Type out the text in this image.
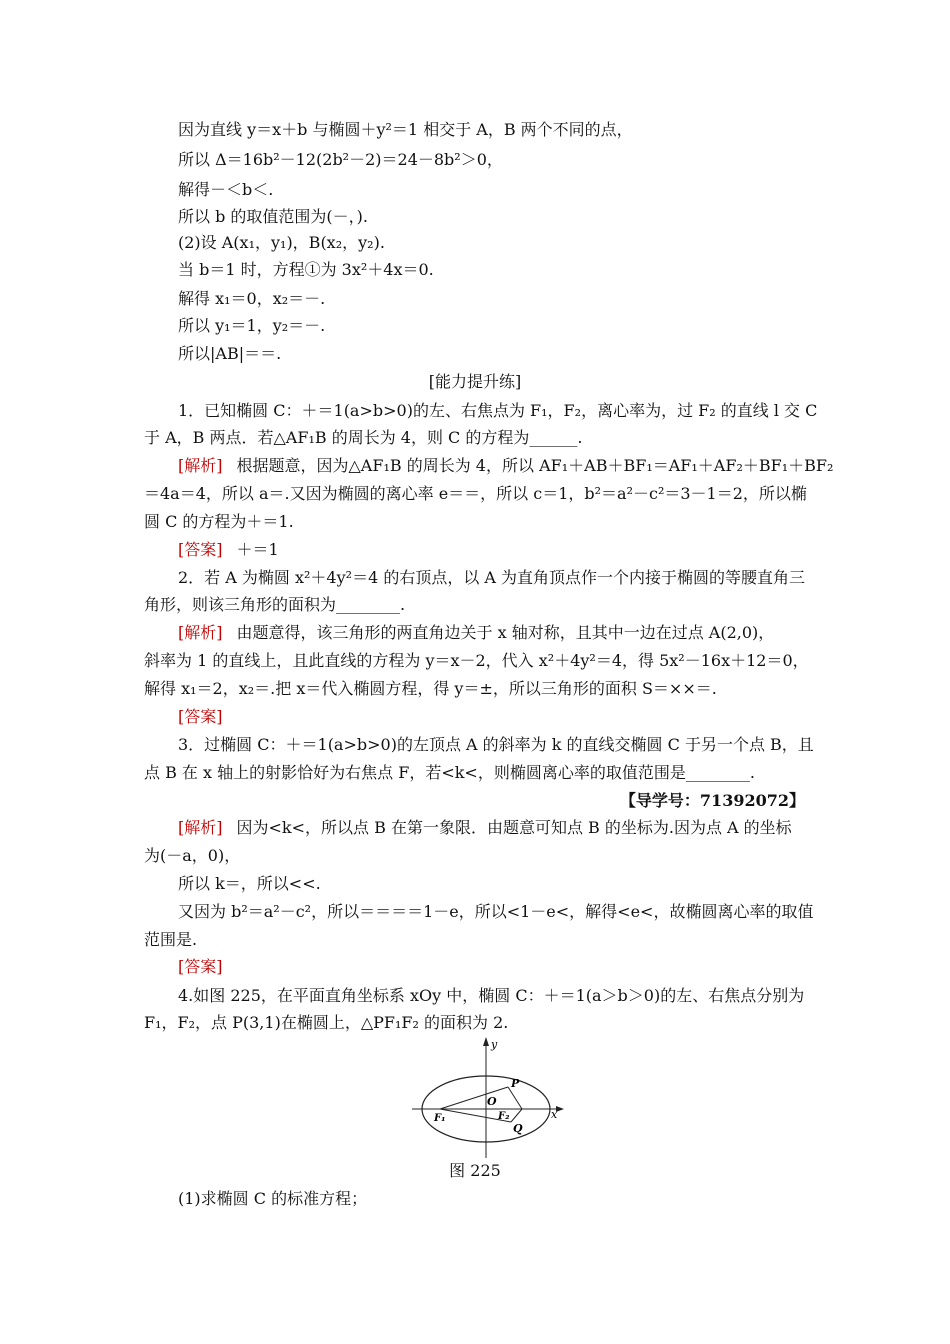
因为直线 y＝x＋b 与椭圆＋y²＝1 相交于 A，B 两个不同的点，
所以 Δ＝16b²－12(2b²－2)＝24－8b²＞0，
解得－＜b＜.
所以 b 的取值范围为(－，).
(2)设 A(x₁，y₁)，B(x₂，y₂).
当 b＝1 时，方程①为 3x²＋4x＝0.
解得 x₁＝0，x₂＝－.
所以 y₁＝1，y₂＝－.
所以|AB|＝＝.
[能力提升练]
1．已知椭圆 C：＋＝1(a>b>0)的左、右焦点为 F₁，F₂，离心率为，过 F₂ 的直线 l 交 C
于 A，B 两点．若△AF₁B 的周长为 4，则 C 的方程为______.
[解析] 根据题意，因为△AF₁B 的周长为 4，所以 AF₁＋AB＋BF₁＝AF₁＋AF₂＋BF₁＋BF₂
＝4a＝4，所以 a＝.又因为椭圆的离心率 e＝＝，所以 c＝1，b²＝a²－c²＝3－1＝2，所以椭
圆 C 的方程为＋＝1.
[答案] ＋＝1
2．若 A 为椭圆 x²＋4y²＝4 的右顶点，以 A 为直角顶点作一个内接于椭圆的等腰直角三
角形，则该三角形的面积为________.
[解析] 由题意得，该三角形的两直角边关于 x 轴对称，且其中一边在过点 A(2,0)，
斜率为 1 的直线上，且此直线的方程为 y＝x－2，代入 x²＋4y²＝4，得 5x²－16x＋12＝0，
解得 x₁＝2，x₂＝.把 x＝代入椭圆方程，得 y＝±，所以三角形的面积 S＝××＝.
[答案]
3．过椭圆 C：＋＝1(a>b>0)的左顶点 A 的斜率为 k 的直线交椭圆 C 于另一个点 B，且
点 B 在 x 轴上的射影恰好为右焦点 F，若<k<，则椭圆离心率的取值范围是________.
【导学号：71392072】
[解析] 因为<k<，所以点 B 在第一象限．由题意可知点 B 的坐标为.因为点 A 的坐标
为(－a，0)，
所以 k＝，所以<<.
又因为 b²＝a²－c²，所以＝＝＝＝1－e，所以<1－e<，解得<e<，故椭圆离心率的取值
范围是.
[答案]
4.如图 225，在平面直角坐标系 xOy 中，椭圆 C：＋＝1(a＞b＞0)的左、右焦点分别为
F₁，F₂，点 P(3,1)在椭圆上，△PF₁F₂ 的面积为 2.
y
x
O
P
Q
F₁	F₂
图 225
(1)求椭圆 C 的标准方程；
